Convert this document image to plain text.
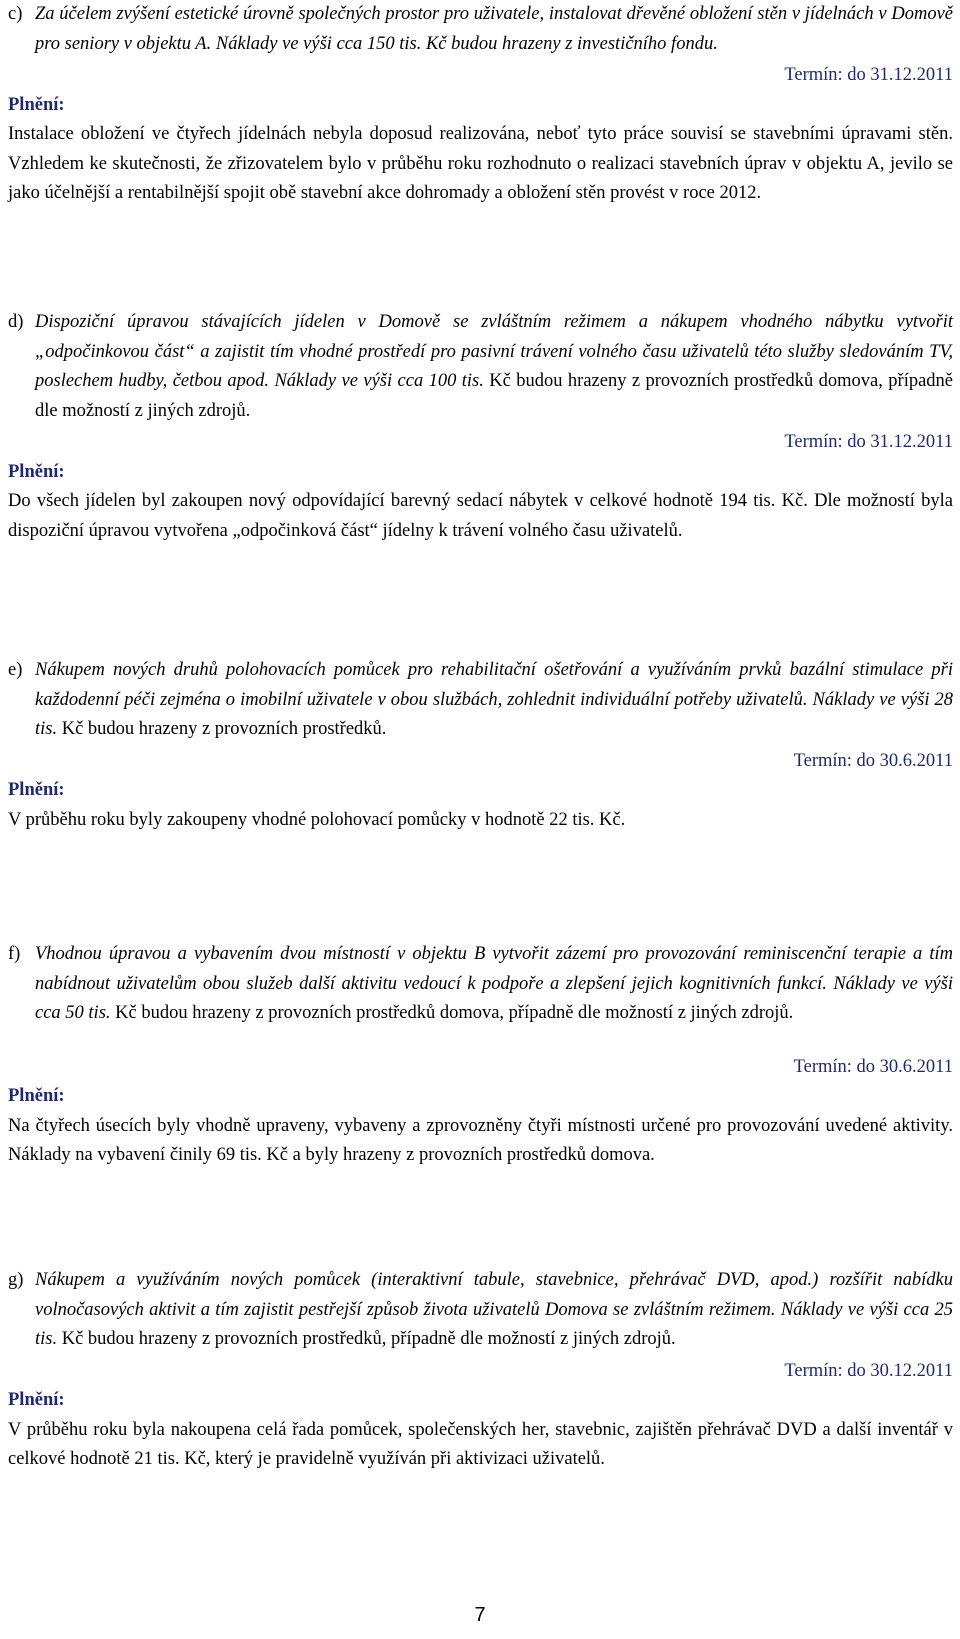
c) Za účelem zvýšení estetické úrovně společných prostor pro uživatele, instalovat dřevěné obložení stěn v jídelnách v Domově pro seniory v objektu A. Náklady ve výši cca 150 tis. Kč budou hrazeny z investičního fondu.
Termín: do 31.12.2011
Plnění:
Instalace obložení ve čtyřech jídelnách nebyla doposud realizována, neboť tyto práce souvisí se stavebními úpravami stěn. Vzhledem ke skutečnosti, že zřizovatelem bylo v průběhu roku rozhodnuto o realizaci stavebních úprav v objektu A, jevilo se jako účelnější a rentabilnější spojit obě stavební akce dohromady a obložení stěn provést v roce 2012.
d) Dispoziční úpravou stávajících jídelen v Domově se zvláštním režimem a nákupem vhodného nábytku vytvořit „odpočinkovou část“ a zajistit tím vhodné prostředí pro pasivní trávení volného času uživatelů této služby sledováním TV, poslechem hudby, četbou apod. Náklady ve výši cca 100 tis. Kč budou hrazeny z provozních prostředků domova, případně dle možností z jiných zdrojů.
Termín: do 31.12.2011
Plnění:
Do všech jídelen byl zakoupen nový odpovídající barevný sedací nábytek v celkové hodnotě 194 tis. Kč. Dle možností byla dispoziční úpravou vytvořena „odpočinková část“ jídelny k trávení volného času uživatelů.
e) Nákupem nových druhů polohovacích pomůcek pro rehabilitační ošetřování a využíváním prvků bazální stimulace při každodenní péči zejména o imobilní uživatele v obou službách, zohlednit individuální potřeby uživatelů. Náklady ve výši 28 tis. Kč budou hrazeny z provozních prostředků.
Termín: do 30.6.2011
Plnění:
V průběhu roku byly zakoupeny vhodné polohovací pomůcky v hodnotě 22 tis. Kč.
f) Vhodnou úpravou a vybavením dvou místností v objektu B vytvořit zázemí pro provozování reminiscenční terapie a tím nabídnout uživatelům obou služeb další aktivitu vedoucí k podpoře a zlepšení jejich kognitivních funkcí. Náklady ve výši cca 50 tis. Kč budou hrazeny z provozních prostředků domova, případně dle možností z jiných zdrojů.
Termín: do 30.6.2011
Plnění:
Na čtyřech úsecích byly vhodně upraveny, vybaveny a zprovozněny čtyři místnosti určené pro provozování uvedené aktivity. Náklady na vybavení činily 69 tis. Kč a byly hrazeny z provozních prostředků domova.
g) Nákupem a využíváním nových pomůcek (interaktivní tabule, stavebnice, přehrávač DVD, apod.) rozšířit nabídku volnočasových aktivit a tím zajistit pestřejší způsob života uživatelů Domova se zvláštním režimem. Náklady ve výši cca 25 tis. Kč budou hrazeny z provozních prostředků, případně dle možností z jiných zdrojů.
Termín: do 30.12.2011
Plnění:
V průběhu roku byla nakoupena celá řada pomůcek, společenských her, stavebnic, zajištěn přehrávač DVD a další inventář v celkové hodnotě 21 tis. Kč, který je pravidelně využíván při aktivizaci uživatelů.
7
